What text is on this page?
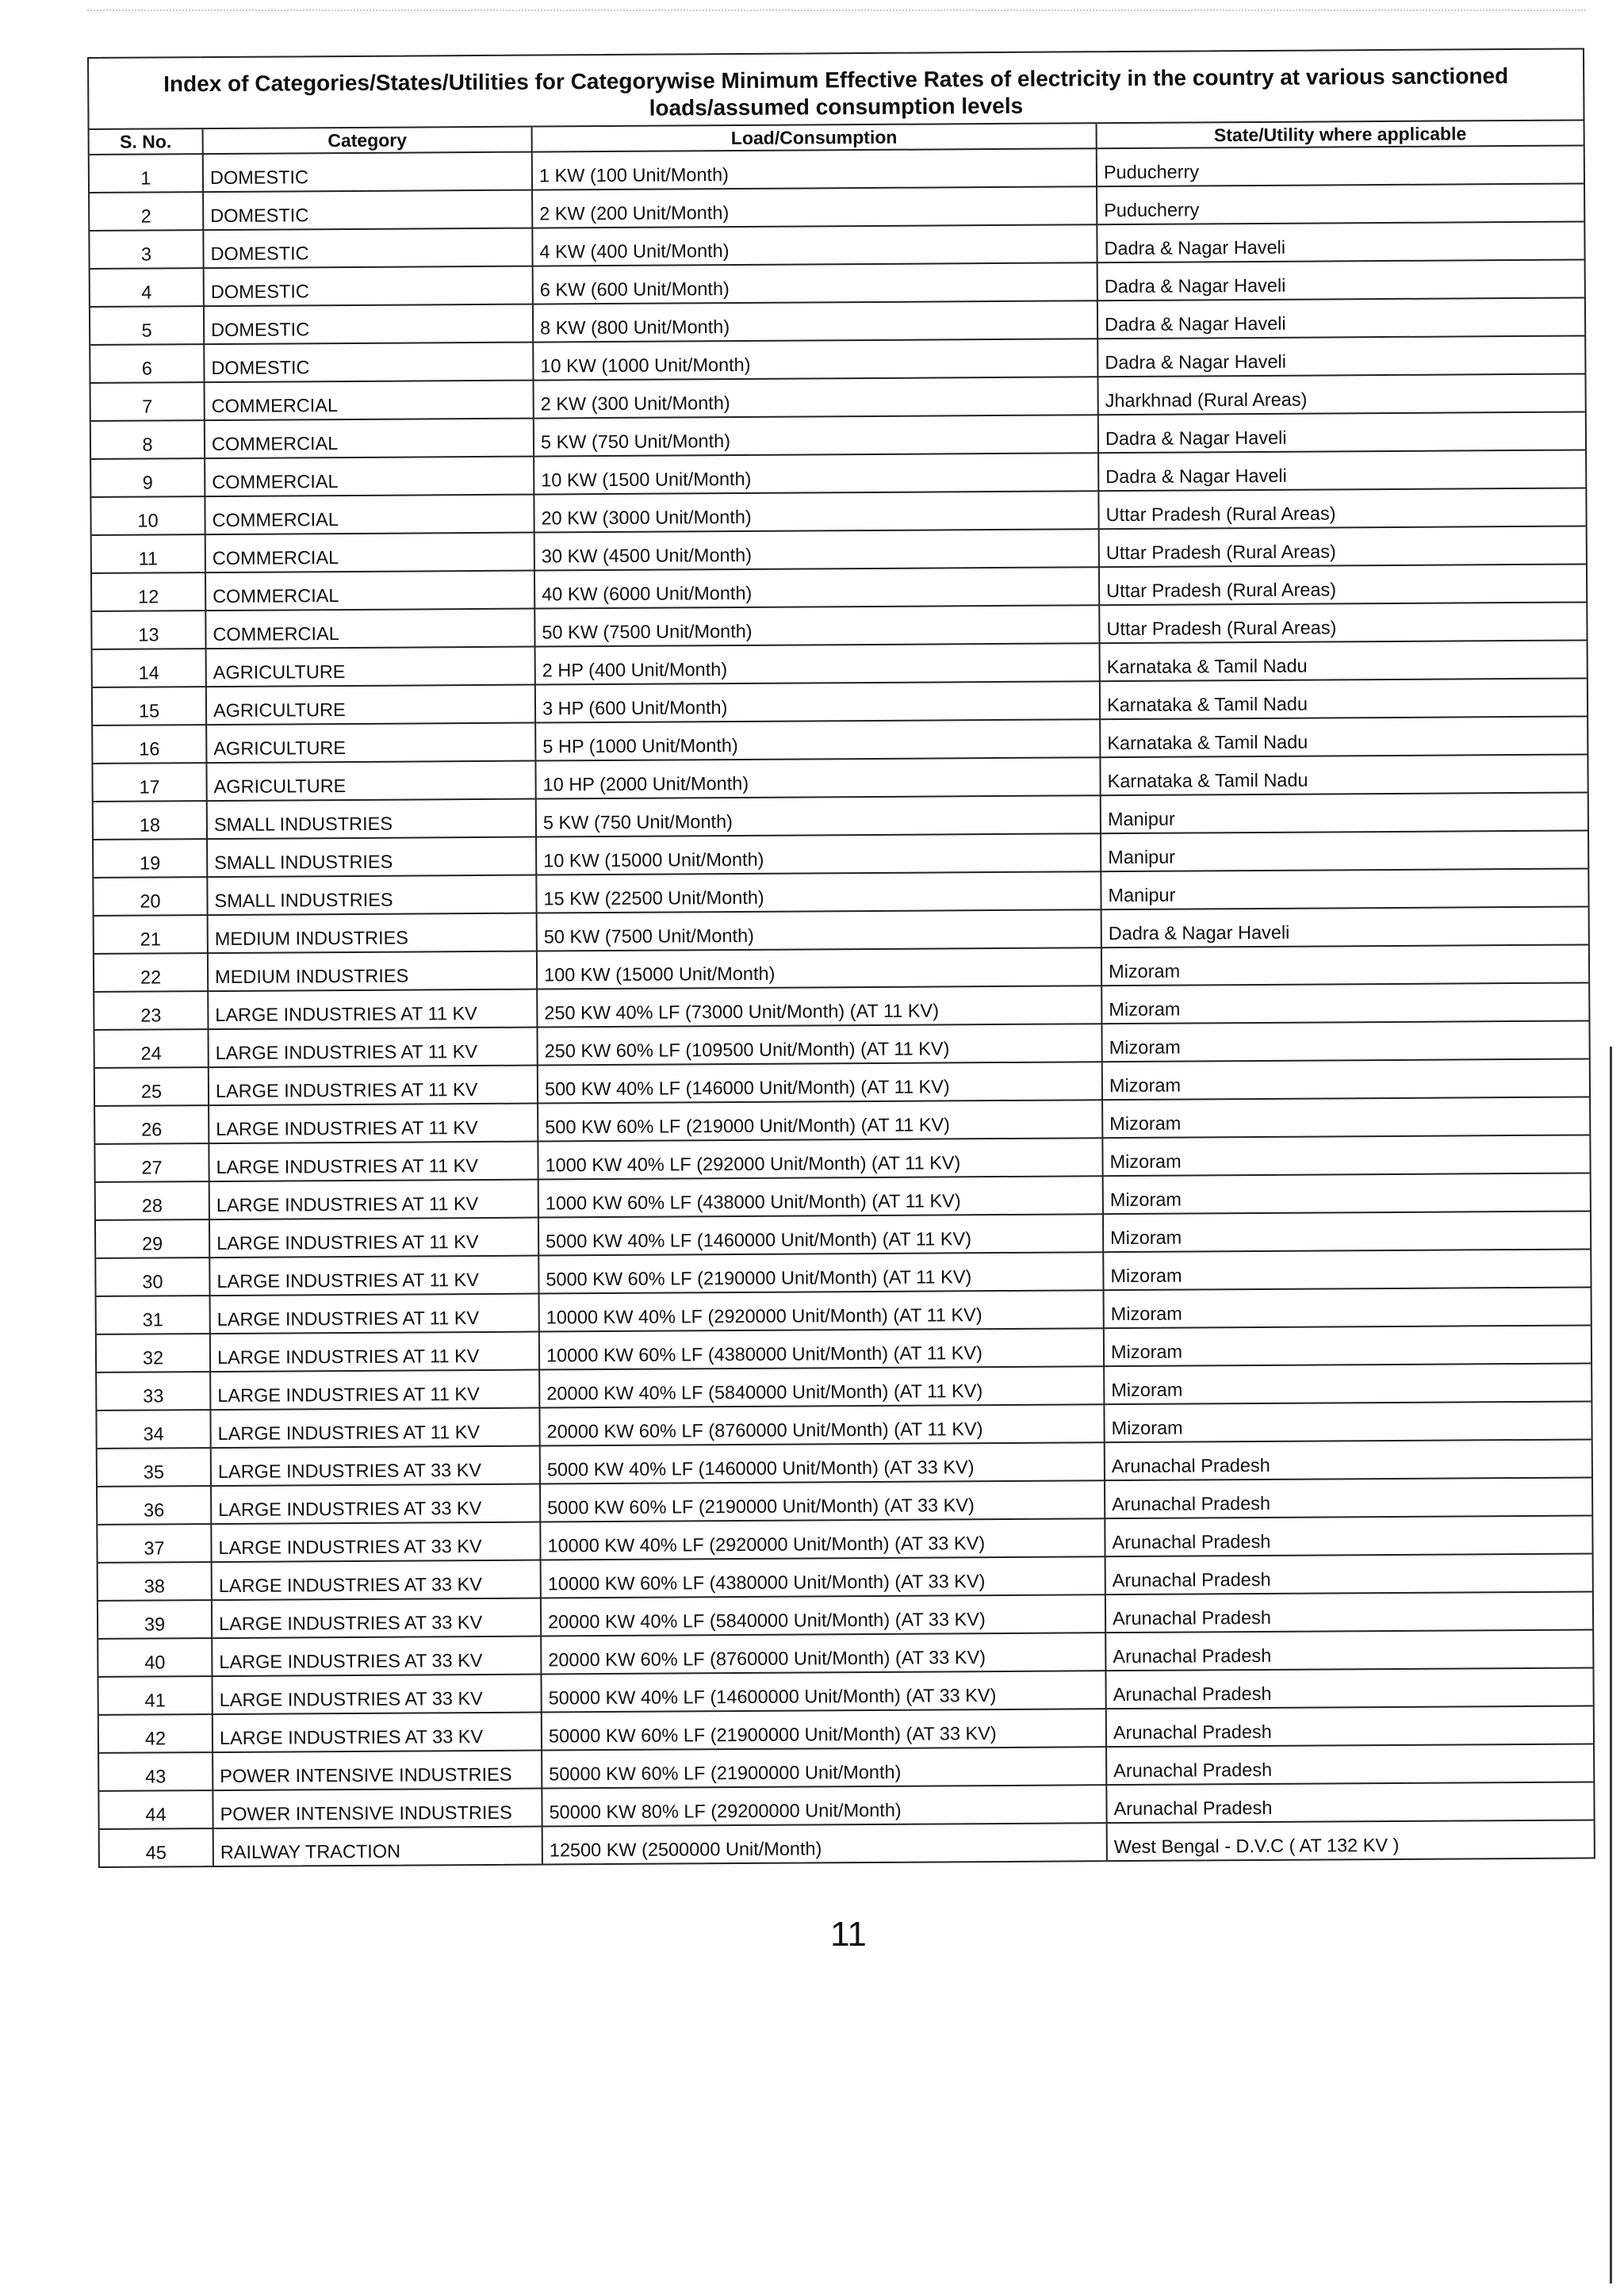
Index of Categories/States/Utilities for Categorywise Minimum Effective Rates of electricity in the country at various sanctioned loads/assumed consumption levels
S. No.	Category	Load/Consumption	State/Utility where applicable
1	DOMESTIC	1 KW (100 Unit/Month)	Puducherry
2	DOMESTIC	2 KW (200 Unit/Month)	Puducherry
3	DOMESTIC	4 KW (400 Unit/Month)	Dadra & Nagar Haveli
4	DOMESTIC	6 KW (600 Unit/Month)	Dadra & Nagar Haveli
5	DOMESTIC	8 KW (800 Unit/Month)	Dadra & Nagar Haveli
6	DOMESTIC	10 KW (1000 Unit/Month)	Dadra & Nagar Haveli
7	COMMERCIAL	2 KW (300 Unit/Month)	Jharkhnad (Rural Areas)
8	COMMERCIAL	5 KW (750 Unit/Month)	Dadra & Nagar Haveli
9	COMMERCIAL	10 KW (1500 Unit/Month)	Dadra & Nagar Haveli
10	COMMERCIAL	20 KW (3000 Unit/Month)	Uttar Pradesh (Rural Areas)
11	COMMERCIAL	30 KW (4500 Unit/Month)	Uttar Pradesh (Rural Areas)
12	COMMERCIAL	40 KW (6000 Unit/Month)	Uttar Pradesh (Rural Areas)
13	COMMERCIAL	50 KW (7500 Unit/Month)	Uttar Pradesh (Rural Areas)
14	AGRICULTURE	2 HP (400 Unit/Month)	Karnataka & Tamil Nadu
15	AGRICULTURE	3 HP (600 Unit/Month)	Karnataka & Tamil Nadu
16	AGRICULTURE	5 HP (1000 Unit/Month)	Karnataka & Tamil Nadu
17	AGRICULTURE	10 HP (2000 Unit/Month)	Karnataka & Tamil Nadu
18	SMALL INDUSTRIES	5 KW (750 Unit/Month)	Manipur
19	SMALL INDUSTRIES	10 KW (15000 Unit/Month)	Manipur
20	SMALL INDUSTRIES	15 KW (22500 Unit/Month)	Manipur
21	MEDIUM INDUSTRIES	50 KW (7500 Unit/Month)	Dadra & Nagar Haveli
22	MEDIUM INDUSTRIES	100 KW (15000 Unit/Month)	Mizoram
23	LARGE INDUSTRIES AT 11 KV	250 KW 40% LF (73000 Unit/Month) (AT 11 KV)	Mizoram
24	LARGE INDUSTRIES AT 11 KV	250 KW 60% LF (109500 Unit/Month) (AT 11 KV)	Mizoram
25	LARGE INDUSTRIES AT 11 KV	500 KW 40% LF (146000 Unit/Month) (AT 11 KV)	Mizoram
26	LARGE INDUSTRIES AT 11 KV	500 KW 60% LF (219000 Unit/Month) (AT 11 KV)	Mizoram
27	LARGE INDUSTRIES AT 11 KV	1000 KW 40% LF (292000 Unit/Month) (AT 11 KV)	Mizoram
28	LARGE INDUSTRIES AT 11 KV	1000 KW 60% LF (438000 Unit/Month) (AT 11 KV)	Mizoram
29	LARGE INDUSTRIES AT 11 KV	5000 KW 40% LF (1460000 Unit/Month) (AT 11 KV)	Mizoram
30	LARGE INDUSTRIES AT 11 KV	5000 KW 60% LF (2190000 Unit/Month) (AT 11 KV)	Mizoram
31	LARGE INDUSTRIES AT 11 KV	10000 KW 40% LF (2920000 Unit/Month) (AT 11 KV)	Mizoram
32	LARGE INDUSTRIES AT 11 KV	10000 KW 60% LF (4380000 Unit/Month) (AT 11 KV)	Mizoram
33	LARGE INDUSTRIES AT 11 KV	20000 KW 40% LF (5840000 Unit/Month) (AT 11 KV)	Mizoram
34	LARGE INDUSTRIES AT 11 KV	20000 KW 60% LF (8760000 Unit/Month) (AT 11 KV)	Mizoram
35	LARGE INDUSTRIES AT 33 KV	5000 KW 40% LF (1460000 Unit/Month) (AT 33 KV)	Arunachal Pradesh
36	LARGE INDUSTRIES AT 33 KV	5000 KW 60% LF (2190000 Unit/Month) (AT 33 KV)	Arunachal Pradesh
37	LARGE INDUSTRIES AT 33 KV	10000 KW 40% LF (2920000 Unit/Month) (AT 33 KV)	Arunachal Pradesh
38	LARGE INDUSTRIES AT 33 KV	10000 KW 60% LF (4380000 Unit/Month) (AT 33 KV)	Arunachal Pradesh
39	LARGE INDUSTRIES AT 33 KV	20000 KW 40% LF (5840000 Unit/Month) (AT 33 KV)	Arunachal Pradesh
40	LARGE INDUSTRIES AT 33 KV	20000 KW 60% LF (8760000 Unit/Month) (AT 33 KV)	Arunachal Pradesh
41	LARGE INDUSTRIES AT 33 KV	50000 KW 40% LF (14600000 Unit/Month) (AT 33 KV)	Arunachal Pradesh
42	LARGE INDUSTRIES AT 33 KV	50000 KW 60% LF (21900000 Unit/Month) (AT 33 KV)	Arunachal Pradesh
43	POWER INTENSIVE INDUSTRIES	50000 KW 60% LF (21900000 Unit/Month)	Arunachal Pradesh
44	POWER INTENSIVE INDUSTRIES	50000 KW 80% LF (29200000 Unit/Month)	Arunachal Pradesh
45	RAILWAY TRACTION	12500 KW (2500000 Unit/Month)	West Bengal - D.V.C ( AT 132 KV )
11
